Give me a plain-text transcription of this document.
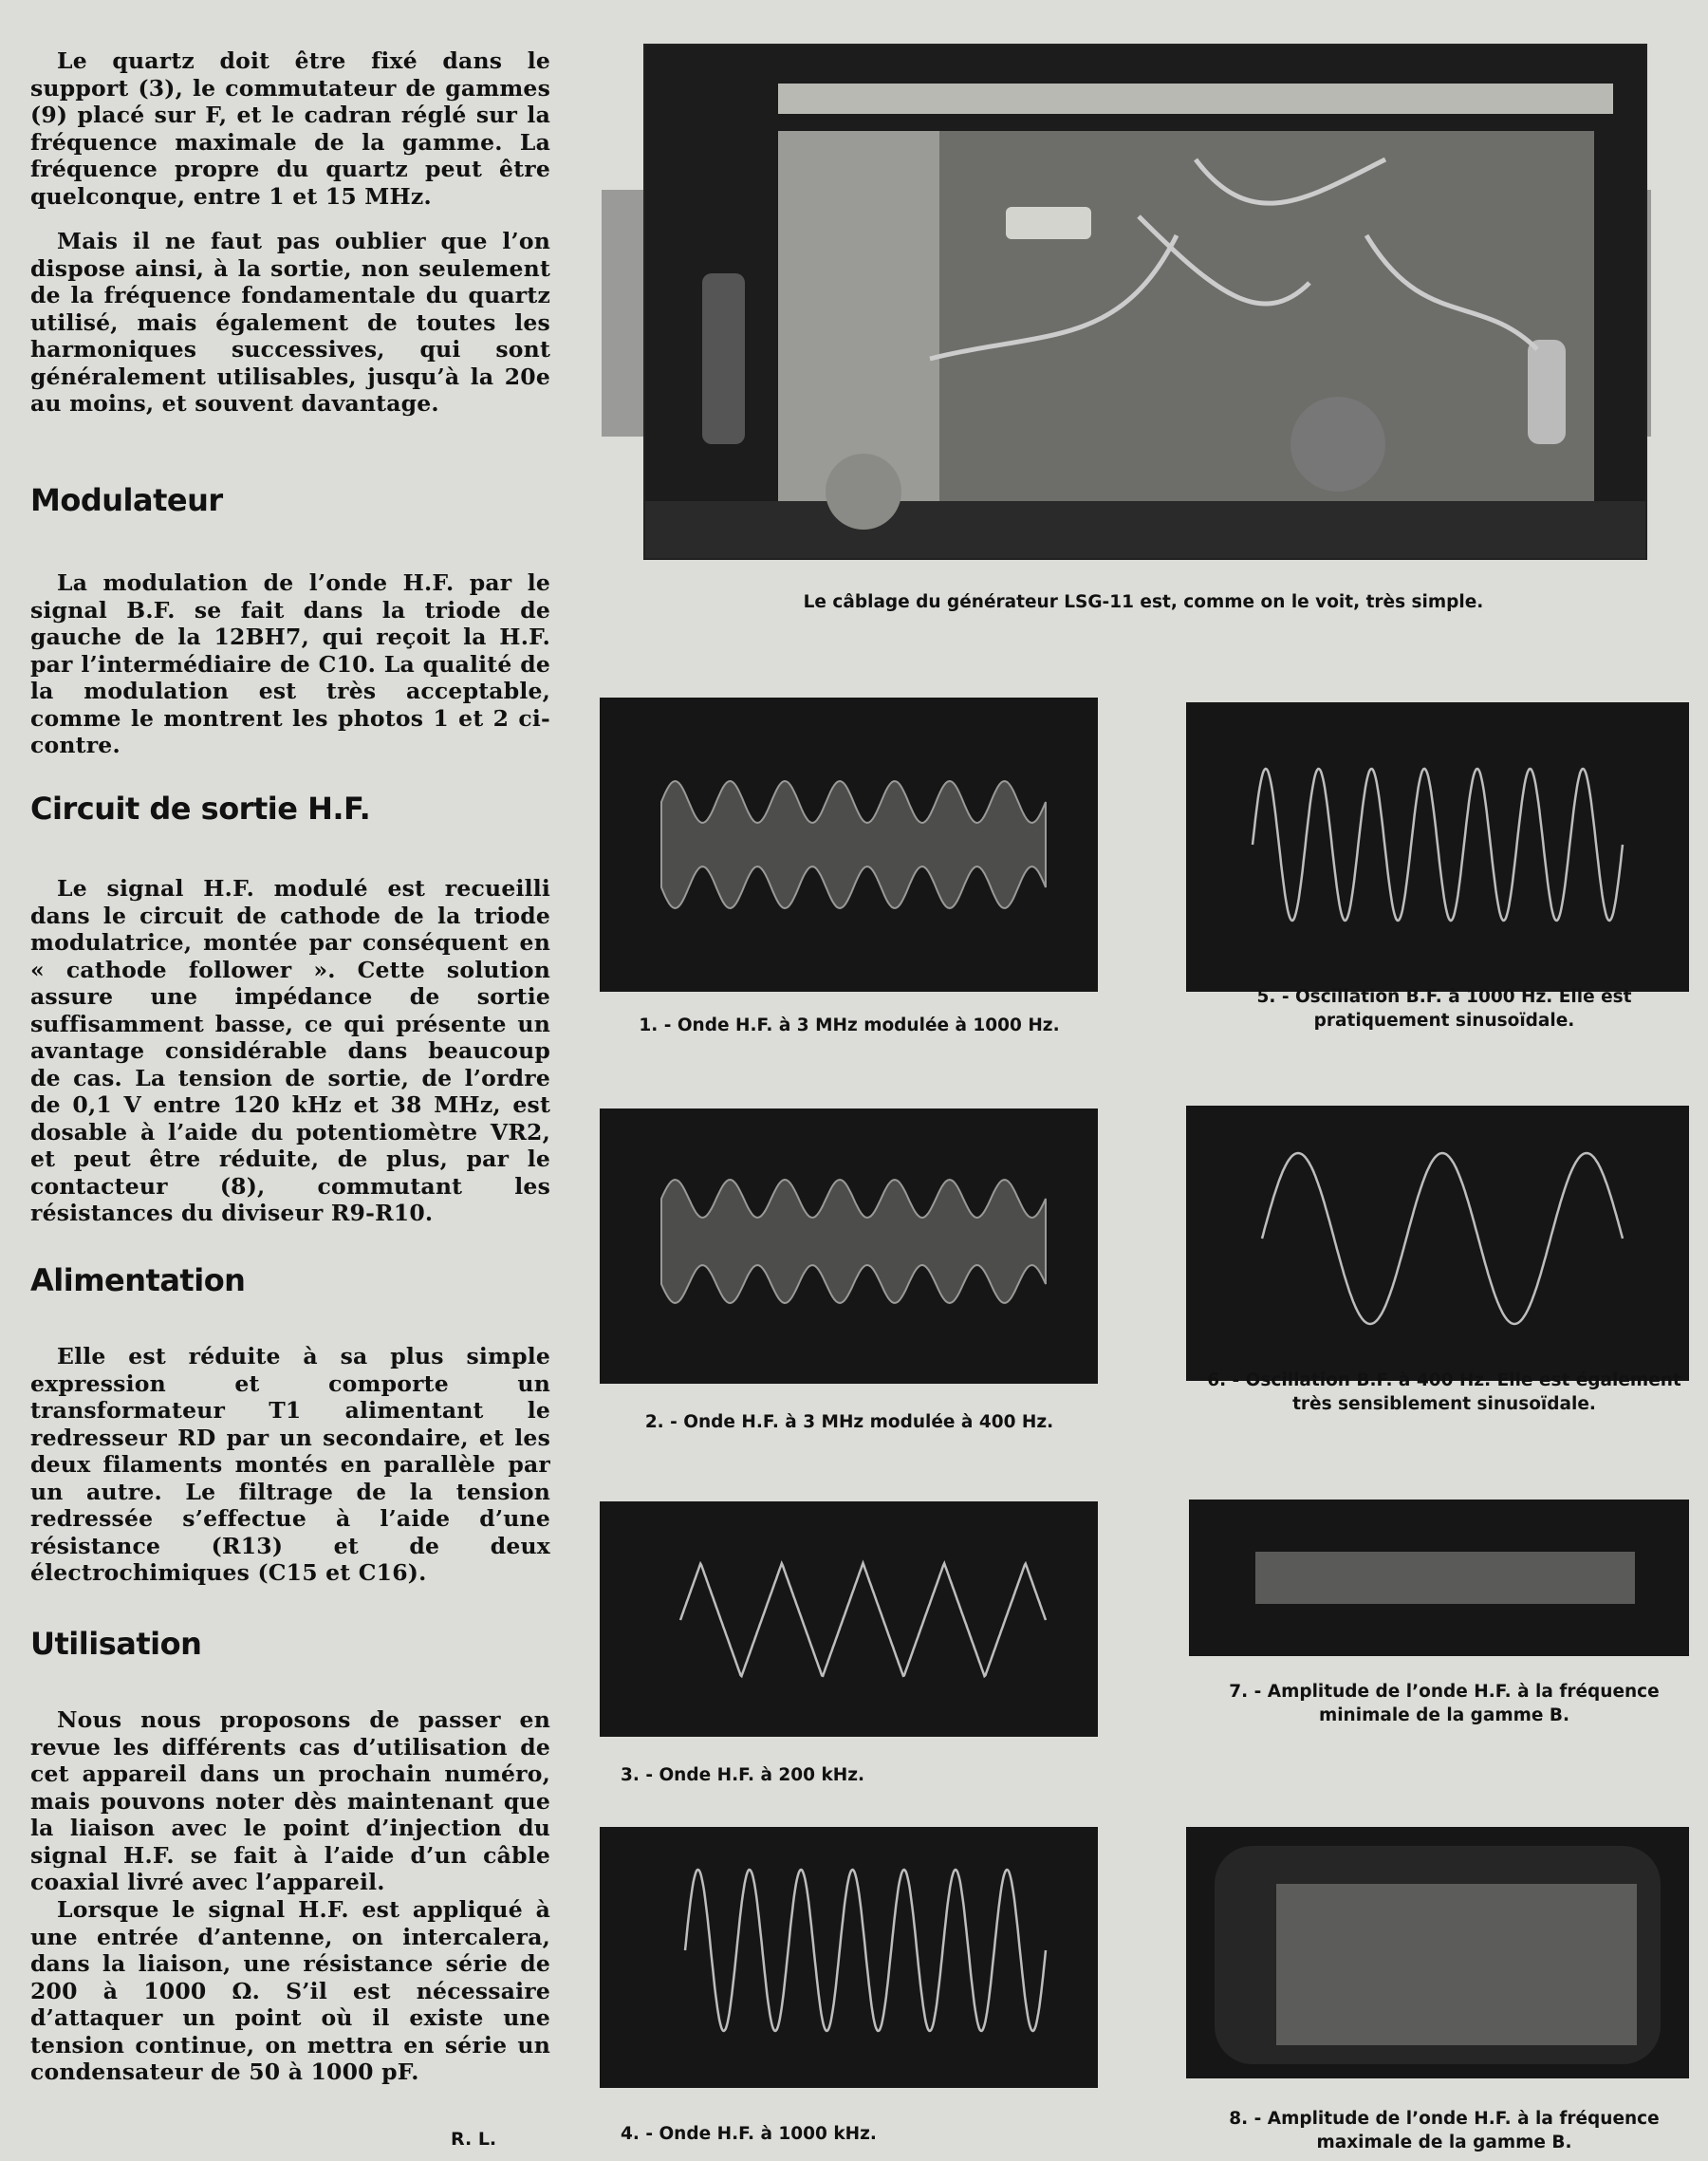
Le quartz doit être fixé dans le support (3), le commutateur de gammes (9) placé sur F, et le cadran réglé sur la fréquence maximale de la gamme. La fréquence propre du quartz peut être quelconque, entre 1 et 15 MHz.

Mais il ne faut pas oublier que l’on dispose ainsi, à la sortie, non seulement de la fréquence fondamentale du quartz utilisé, mais également de toutes les harmoniques successives, qui sont généralement utilisables, jusqu’à la 20e au moins, et souvent davantage.

Modulateur

La modulation de l’onde H.F. par le signal B.F. se fait dans la triode de gauche de la 12BH7, qui reçoit la H.F. par l’intermédiaire de C10. La qualité de la modulation est très acceptable, comme le montrent les photos 1 et 2 ci-contre.

Circuit de sortie H.F.

Le signal H.F. modulé est recueilli dans le circuit de cathode de la triode modulatrice, montée par conséquent en « cathode follower ». Cette solution assure une impédance de sortie suffisamment basse, ce qui présente un avantage considérable dans beaucoup de cas. La tension de sortie, de l’ordre de 0,1 V entre 120 kHz et 38 MHz, est dosable à l’aide du potentiomètre VR2, et peut être réduite, de plus, par le contacteur (8), commutant les résistances du diviseur R9-R10.

Alimentation

Elle est réduite à sa plus simple expression et comporte un transformateur T1 alimentant le redresseur RD par un secondaire, et les deux filaments montés en parallèle par un autre. Le filtrage de la tension redressée s’effectue à l’aide d’une résistance (R13) et de deux électrochimiques (C15 et C16).

Utilisation

Nous nous proposons de passer en revue les différents cas d’utilisation de cet appareil dans un prochain numéro, mais pouvons noter dès maintenant que la liaison avec le point d’injection du signal H.F. se fait à l’aide d’un câble coaxial livré avec l’appareil.

Lorsque le signal H.F. est appliqué à une entrée d’antenne, on intercalera, dans la liaison, une résistance série de 200 à 1000 Ω. S’il est nécessaire d’attaquer un point où il existe une tension continue, on mettra en série un condensateur de 50 à 1000 pF.

R. L.

Le câblage du générateur LSG-11 est, comme on le voit, très simple.

1. - Onde H.F. à 3 MHz modulée à 1000 Hz.

2. - Onde H.F. à 3 MHz modulée à 400 Hz.

3. - Onde H.F. à 200 kHz.

4. - Onde H.F. à 1000 kHz.

5. - Oscillation B.F. à 1000 Hz. Elle est pratiquement sinusoïdale.

6. - Oscillation B.F. à 400 Hz. Elle est également très sensiblement sinusoïdale.

7. - Amplitude de l’onde H.F. à la fréquence minimale de la gamme B.

8. - Amplitude de l’onde H.F. à la fréquence maximale de la gamme B.
